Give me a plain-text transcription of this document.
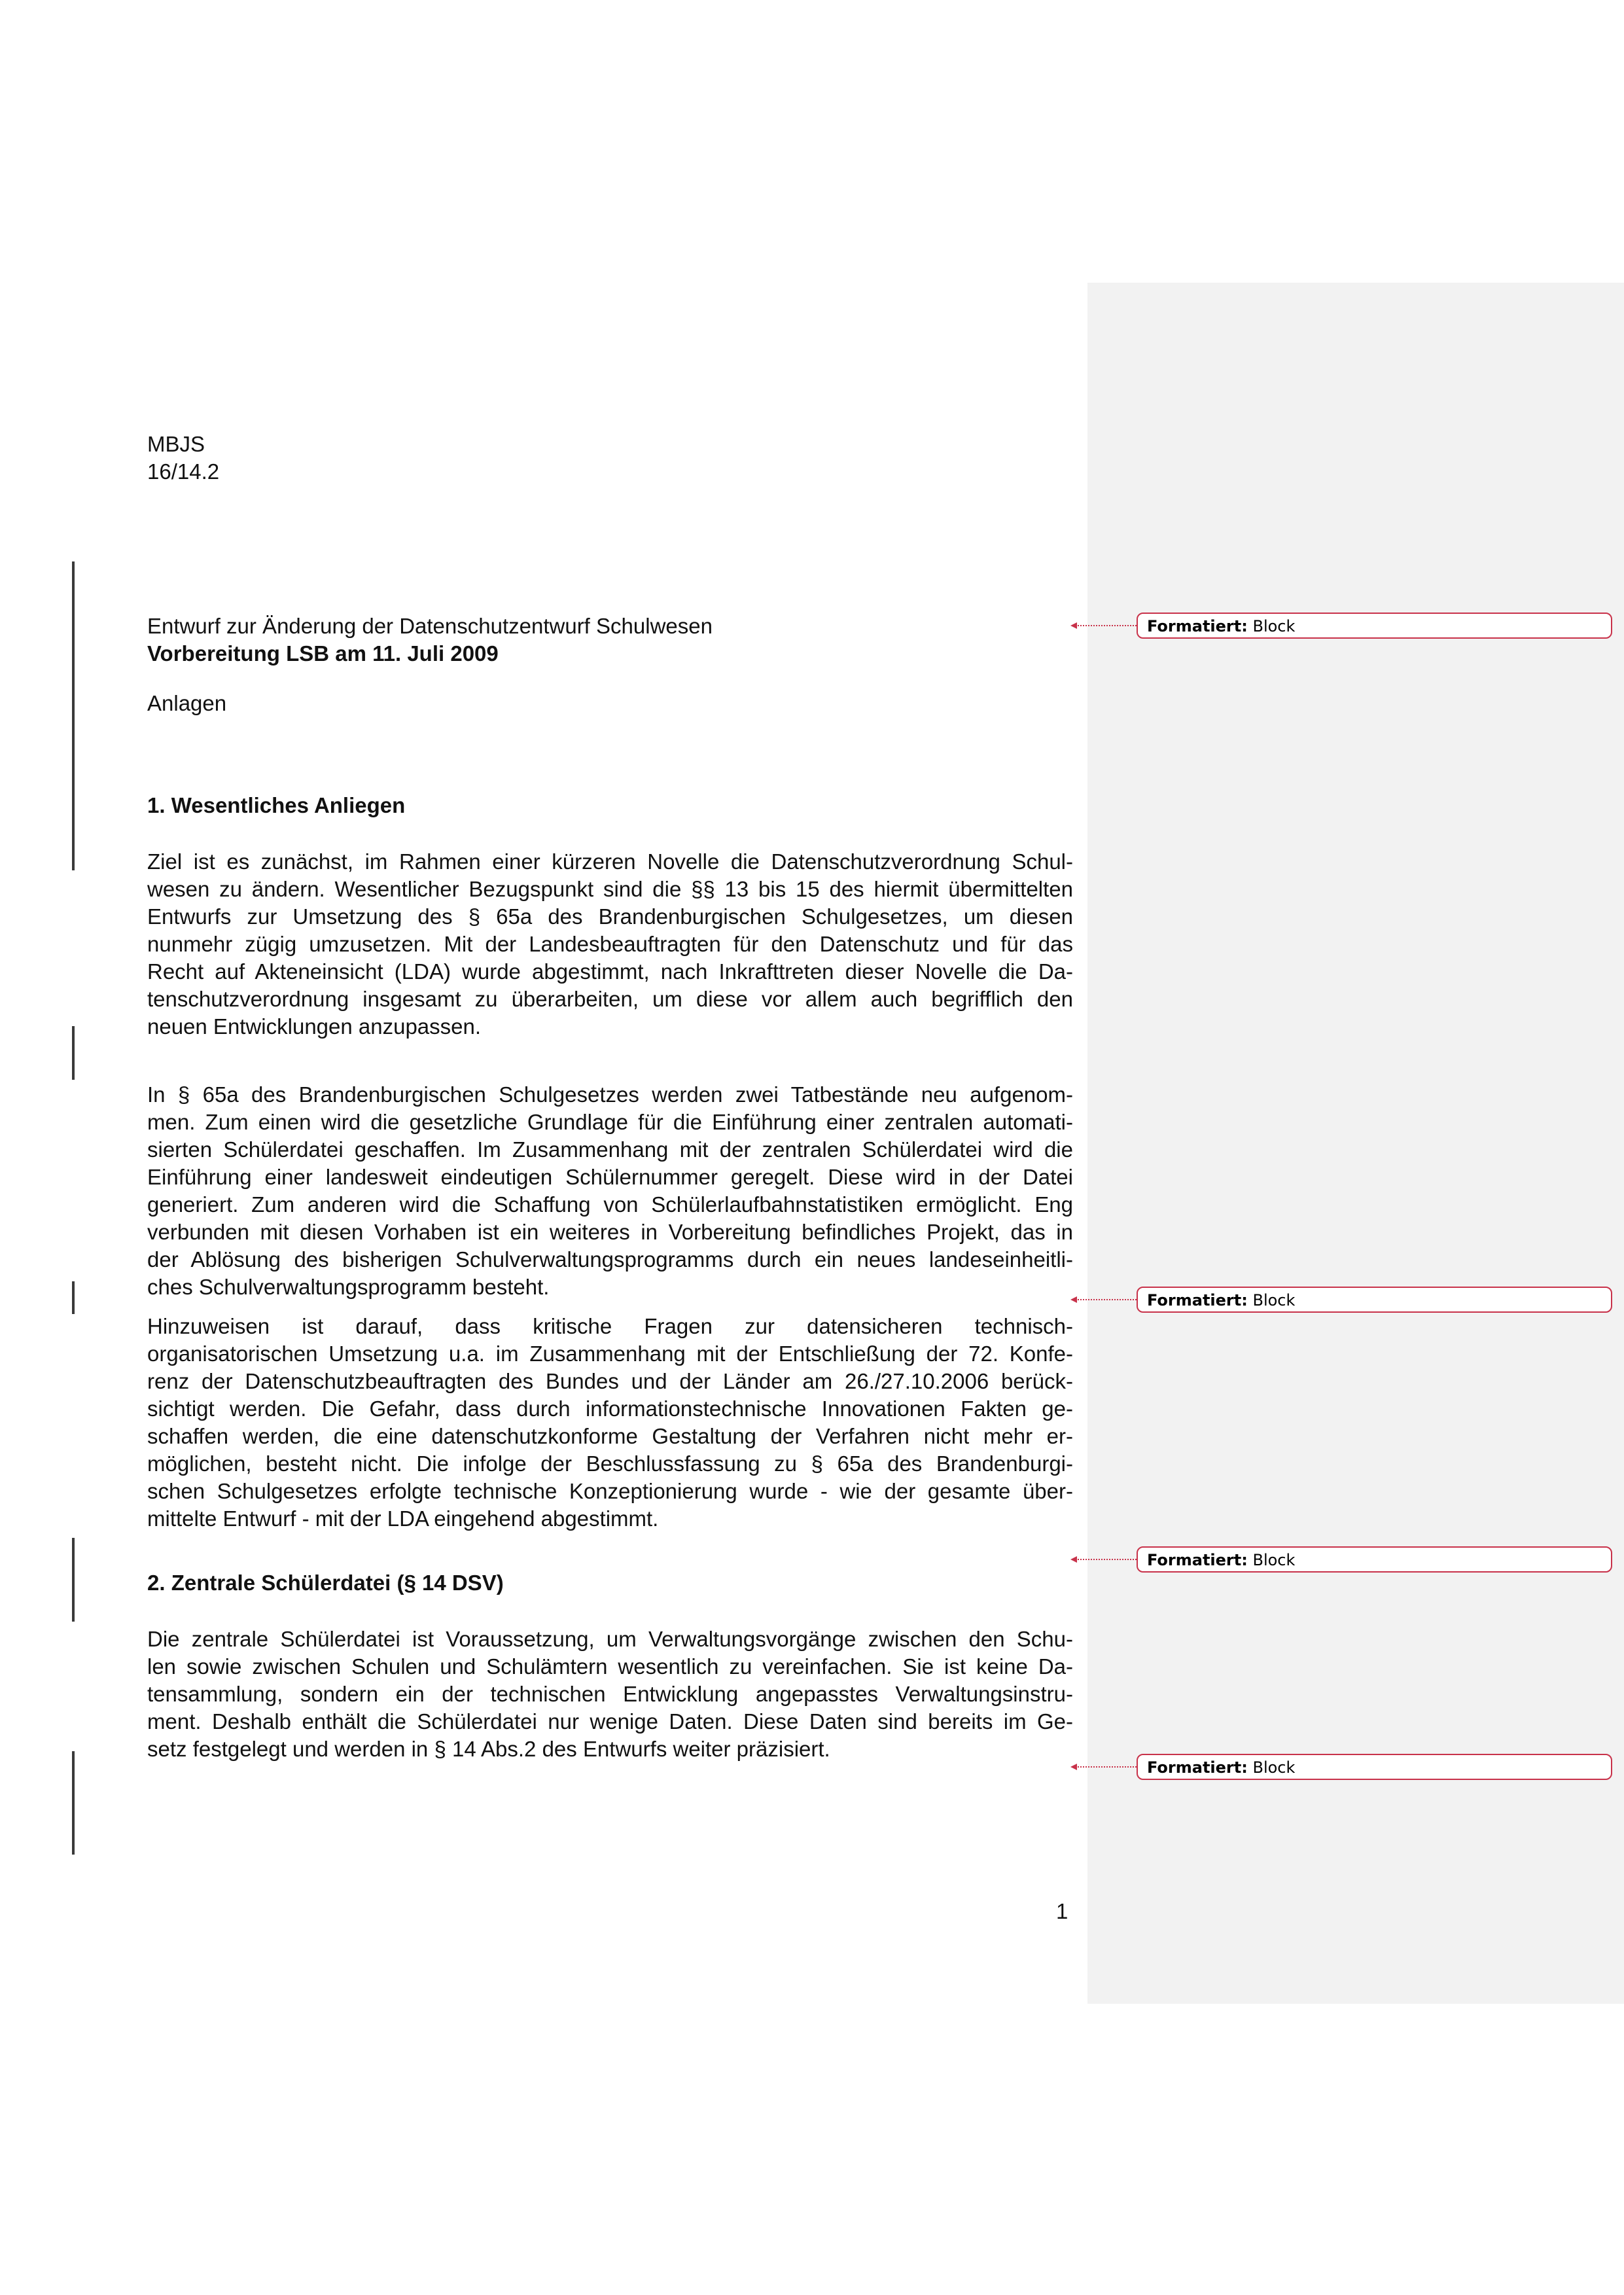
MBJS
16/14.2
Entwurf zur Änderung der Datenschutzentwurf Schulwesen
Vorbereitung LSB am 11. Juli 2009
Anlagen
1. Wesentliches Anliegen
Ziel ist es zunächst, im Rahmen einer kürzeren Novelle die Datenschutzverordnung Schul-
wesen zu ändern. Wesentlicher Bezugspunkt sind die §§ 13 bis 15 des hiermit übermittelten
Entwurfs zur Umsetzung des § 65a des Brandenburgischen Schulgesetzes, um diesen
nunmehr zügig umzusetzen. Mit der Landesbeauftragten für den Datenschutz und für das
Recht auf Akteneinsicht (LDA) wurde abgestimmt, nach Inkrafttreten dieser Novelle die Da-
tenschutzverordnung insgesamt zu überarbeiten, um diese vor allem auch begrifflich den
neuen Entwicklungen anzupassen.
In § 65a des Brandenburgischen Schulgesetzes werden zwei Tatbestände neu aufgenom-
men. Zum einen wird die gesetzliche Grundlage für die Einführung einer zentralen automati-
sierten Schülerdatei geschaffen. Im Zusammenhang mit der zentralen Schülerdatei wird die
Einführung einer landesweit eindeutigen Schülernummer geregelt. Diese wird in der Datei
generiert. Zum anderen wird die Schaffung von Schülerlaufbahnstatistiken ermöglicht. Eng
verbunden mit diesen Vorhaben ist ein weiteres in Vorbereitung befindliches Projekt, das in
der Ablösung des bisherigen Schulverwaltungsprogramms durch ein neues landeseinheitli-
ches Schulverwaltungsprogramm besteht.
Hinzuweisen ist darauf, dass kritische Fragen zur datensicheren technisch-
organisatorischen Umsetzung u.a. im Zusammenhang mit der Entschließung der 72. Konfe-
renz der Datenschutzbeauftragten des Bundes und der Länder am 26./27.10.2006 berück-
sichtigt werden. Die Gefahr, dass durch informationstechnische Innovationen Fakten ge-
schaffen werden, die eine datenschutzkonforme Gestaltung der Verfahren nicht mehr er-
möglichen, besteht nicht. Die infolge der Beschlussfassung zu § 65a des Brandenburgi-
schen Schulgesetzes erfolgte technische Konzeptionierung wurde - wie der gesamte über-
mittelte Entwurf - mit der LDA eingehend abgestimmt.
2. Zentrale Schülerdatei (§ 14 DSV)
Die zentrale Schülerdatei ist Voraussetzung, um Verwaltungsvorgänge zwischen den Schu-
len sowie zwischen Schulen und Schulämtern wesentlich zu vereinfachen. Sie ist keine Da-
tensammlung, sondern ein der technischen Entwicklung angepasstes Verwaltungsinstru-
ment. Deshalb enthält die Schülerdatei nur wenige Daten. Diese Daten sind bereits im Ge-
setz festgelegt und werden in § 14 Abs.2 des Entwurfs weiter präzisiert.
Formatiert: Block
Formatiert: Block
Formatiert: Block
Formatiert: Block
1
